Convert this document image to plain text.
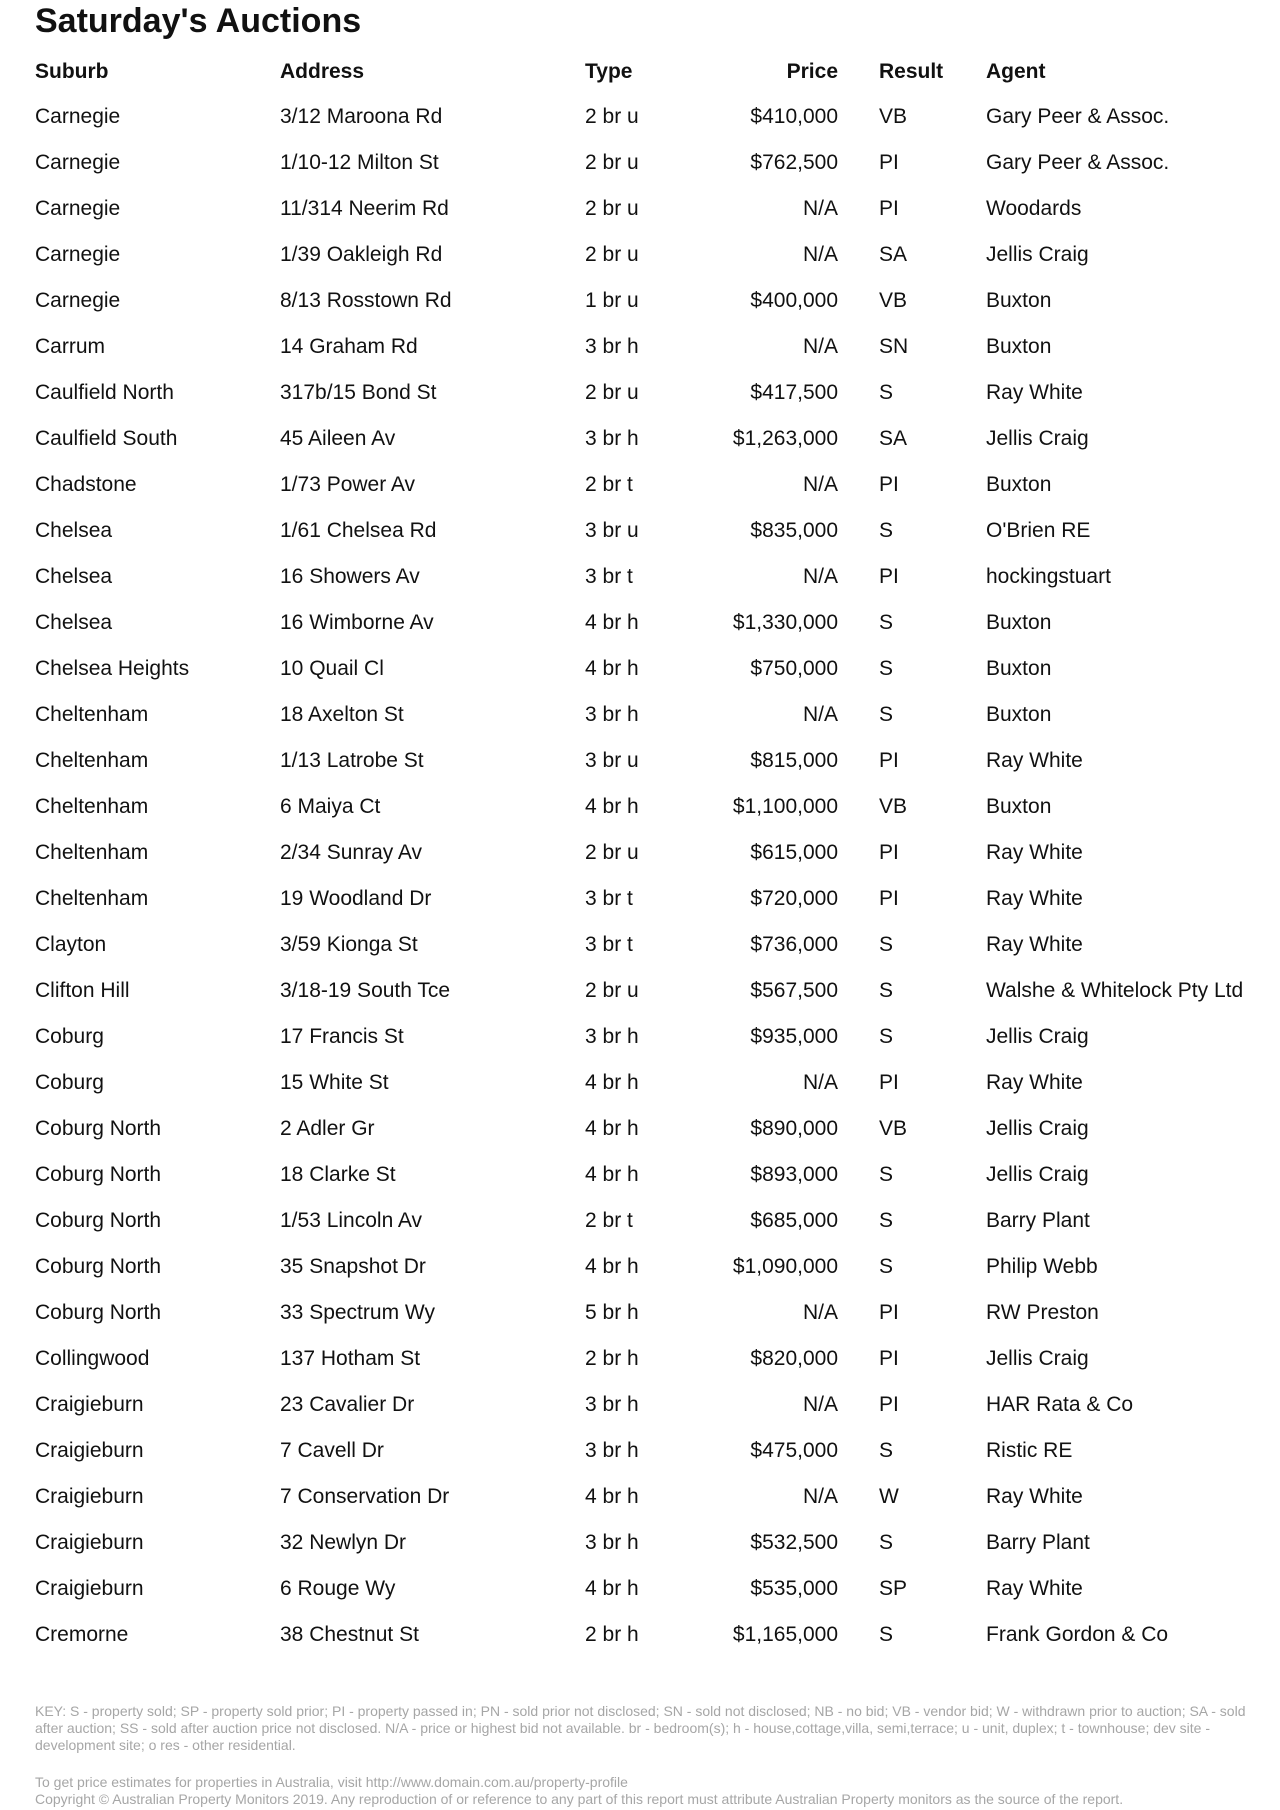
Saturday's Auctions
Suburb	Address	Type	Price		Result	Agent
Carnegie	3/12 Maroona Rd	2 br u	$410,000		VB	Gary Peer & Assoc.
Carnegie	1/10-12 Milton St	2 br u	$762,500		PI	Gary Peer & Assoc.
Carnegie	11/314 Neerim Rd	2 br u	N/A		PI	Woodards
Carnegie	1/39 Oakleigh Rd	2 br u	N/A		SA	Jellis Craig
Carnegie	8/13 Rosstown Rd	1 br u	$400,000		VB	Buxton
Carrum	14 Graham Rd	3 br h	N/A		SN	Buxton
Caulfield North	317b/15 Bond St	2 br u	$417,500		S	Ray White
Caulfield South	45 Aileen Av	3 br h	$1,263,000		SA	Jellis Craig
Chadstone	1/73 Power Av	2 br t	N/A		PI	Buxton
Chelsea	1/61 Chelsea Rd	3 br u	$835,000		S	O'Brien RE
Chelsea	16 Showers Av	3 br t	N/A		PI	hockingstuart
Chelsea	16 Wimborne Av	4 br h	$1,330,000		S	Buxton
Chelsea Heights	10 Quail Cl	4 br h	$750,000		S	Buxton
Cheltenham	18 Axelton St	3 br h	N/A		S	Buxton
Cheltenham	1/13 Latrobe St	3 br u	$815,000		PI	Ray White
Cheltenham	6 Maiya Ct	4 br h	$1,100,000		VB	Buxton
Cheltenham	2/34 Sunray Av	2 br u	$615,000		PI	Ray White
Cheltenham	19 Woodland Dr	3 br t	$720,000		PI	Ray White
Clayton	3/59 Kionga St	3 br t	$736,000		S	Ray White
Clifton Hill	3/18-19 South Tce	2 br u	$567,500		S	Walshe & Whitelock Pty Ltd
Coburg	17 Francis St	3 br h	$935,000		S	Jellis Craig
Coburg	15 White St	4 br h	N/A		PI	Ray White
Coburg North	2 Adler Gr	4 br h	$890,000		VB	Jellis Craig
Coburg North	18 Clarke St	4 br h	$893,000		S	Jellis Craig
Coburg North	1/53 Lincoln Av	2 br t	$685,000		S	Barry Plant
Coburg North	35 Snapshot Dr	4 br h	$1,090,000		S	Philip Webb
Coburg North	33 Spectrum Wy	5 br h	N/A		PI	RW Preston
Collingwood	137 Hotham St	2 br h	$820,000		PI	Jellis Craig
Craigieburn	23 Cavalier Dr	3 br h	N/A		PI	HAR Rata & Co
Craigieburn	7 Cavell Dr	3 br h	$475,000		S	Ristic RE
Craigieburn	7 Conservation Dr	4 br h	N/A		W	Ray White
Craigieburn	32 Newlyn Dr	3 br h	$532,500		S	Barry Plant
Craigieburn	6 Rouge Wy	4 br h	$535,000		SP	Ray White
Cremorne	38 Chestnut St	2 br h	$1,165,000		S	Frank Gordon & Co
KEY: S - property sold; SP - property sold prior; PI - property passed in; PN - sold prior not disclosed; SN - sold not disclosed; NB - no bid; VB - vendor bid; W - withdrawn prior to auction; SA - sold after auction; SS - sold after auction price not disclosed. N/A - price or highest bid not available. br - bedroom(s); h - house,cottage,villa, semi,terrace; u - unit, duplex; t - townhouse; dev site - development site; o res - other residential.
To get price estimates for properties in Australia, visit http://www.domain.com.au/property-profile
Copyright © Australian Property Monitors 2019. Any reproduction of or reference to any part of this report must attribute Australian Property monitors as the source of the report.
